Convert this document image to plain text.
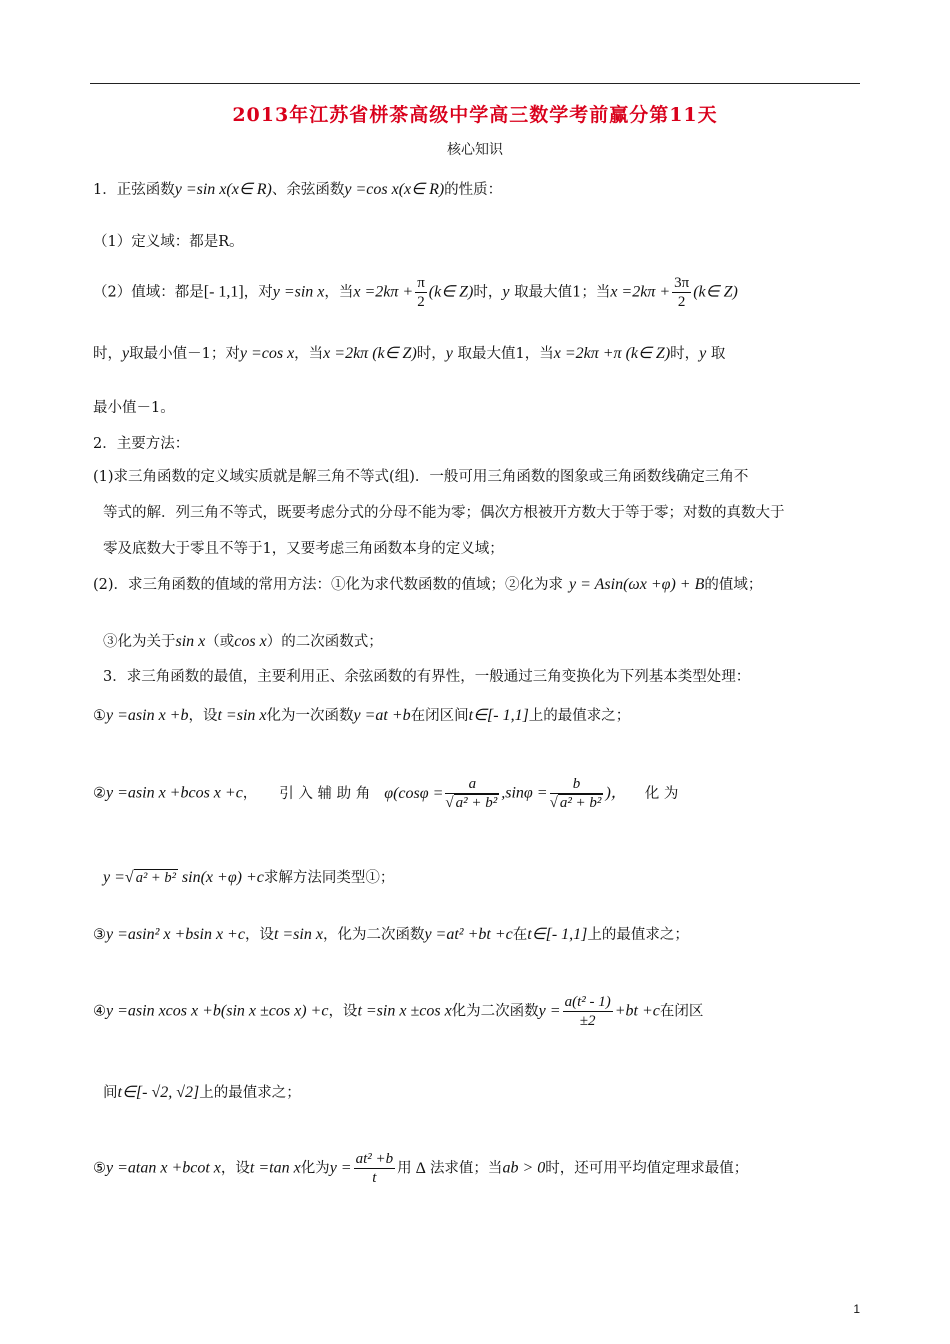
2013年江苏省栟茶高级中学高三数学考前赢分第11天
核心知识
1．正弦函数y =sin x(x∈ R)、余弦函数y =cos x(x∈ R)的性质：
（1）定义域：都是R。
（2）值域：都是[- 1,1]，对y =sin x，当$x =2k\pi + \frac{\pi}{2}$ (k∈ Z)时，y 取最大值1；当$x =2k\pi + \frac{3\pi}{2}$ (k∈ Z)
时，y取最小值－1；对y =cos x，当x =2kπ (k∈ Z)时，y 取最大值1，当x =2kπ +π (k∈ Z)时，y 取
最小值－1。
2．主要方法：
(1)求三角函数的定义域实质就是解三角不等式(组)．一般可用三角函数的图象或三角函数线确定三角不
等式的解．列三角不等式，既要考虑分式的分母不能为零；偶次方根被开方数大于等于零；对数的真数大于
零及底数大于零且不等于1，又要考虑三角函数本身的定义域；
(2)．求三角函数的值域的常用方法：①化为求代数函数的值域；②化为求 y = Asin(ωx +φ) + B的值域；
③化为关于sin x（或cos x）的二次函数式；
3．求三角函数的最值，主要利用正、余弦函数的有界性，一般通过三角变换化为下列基本类型处理：
①y =asin x +b，设t =sin x化为一次函数y =at +b在闭区间t∈[- 1,1]上的最值求之；
②y =asin x +bcos x +c， 引 入 辅 助 角 $\varphi(\cos\varphi = \frac{a}{\text{√ a² + b²}} ,\sin\varphi = \frac{b}{\text{√ a² + b²}}$ )， 化 为
y =√ a² + b² sin(x +φ) +c求解方法同类型①；
③y =asin² x +bsin x +c，设t =sin x，化为二次函数y =at² +bt +c在t∈[- 1,1]上的最值求之；
④y =asin xcos x +b(sin x ±cos x) +c，设t =sin x ±cos x化为二次函数$y = \frac{\text{a(t² - 1)}}{\pm 2} +bt +c$在闭区
间t∈[- √2, √2]上的最值求之；
⑤y =atan x +bcot x，设t =tan x化为$y = \frac{\text{at² +b}}{t}$ 用 Δ 法求值；当ab > 0时，还可用平均值定理求最值；
1
